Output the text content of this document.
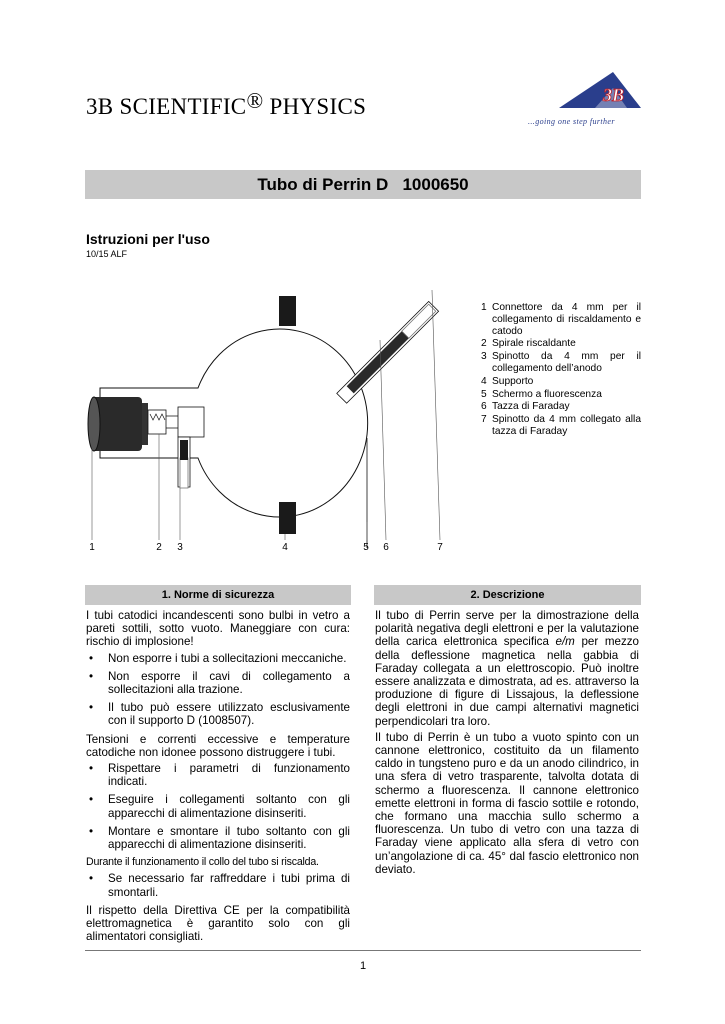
3B SCIENTIFIC® PHYSICS	3B
...going one step further
Tubo di Perrin D   1000650
Istruzioni per l'uso
10/15 ALF
1	2	3	4	5	6	7
1 Connettore da 4 mm per il collegamento di riscaldamento e catodo
2 Spirale riscaldante
3 Spinotto da 4 mm per il collegamento dell’anodo
4 Supporto
5 Schermo a fluorescenza
6 Tazza di Faraday
7 Spinotto da 4 mm collegato alla tazza di Faraday
1. Norme di sicurezza

I tubi catodici incandescenti sono bulbi in vetro a pareti sottili, sotto vuoto. Maneggiare con cura: rischio di implosione!

• Non esporre i tubi a sollecitazioni meccaniche.
• Non esporre il cavi di collegamento a sollecitazioni alla trazione.
• Il tubo può essere utilizzato esclusivamente con il supporto D (1008507).

Tensioni e correnti eccessive e temperature catodiche non idonee possono distruggere i tubi.

• Rispettare i parametri di funzionamento indicati.
• Eseguire i collegamenti soltanto con gli apparecchi di alimentazione disinseriti.
• Montare e smontare il tubo soltanto con gli apparecchi di alimentazione disinseriti.

Durante il funzionamento il collo del tubo si riscalda.

• Se necessario far raffreddare i tubi prima di smontarli.

Il rispetto della Direttiva CE per la compatibilità elettromagnetica è garantito solo con gli alimentatori consigliati.

2. Descrizione

Il tubo di Perrin serve per la dimostrazione della polarità negativa degli elettroni e per la valutazione della carica elettronica specifica e/m per mezzo della deflessione magnetica nella gabbia di Faraday collegata a un elettroscopio. Può inoltre essere analizzata e dimostrata, ad es. attraverso la produzione di figure di Lissajous, la deflessione degli elettroni in due campi alternativi magnetici perpendicolari tra loro.

Il tubo di Perrin è un tubo a vuoto spinto con un cannone elettronico, costituito da un filamento caldo in tungsteno puro e da un anodo cilindrico, in una sfera di vetro trasparente, talvolta dotata di schermo a fluorescenza. Il cannone elettronico emette elettroni in forma di fascio sottile e rotondo, che formano una macchia sullo schermo a fluorescenza. Un tubo di vetro con una tazza di Faraday viene applicato alla sfera di vetro con un’angolazione di ca. 45° dal fascio elettronico non deviato.

1
